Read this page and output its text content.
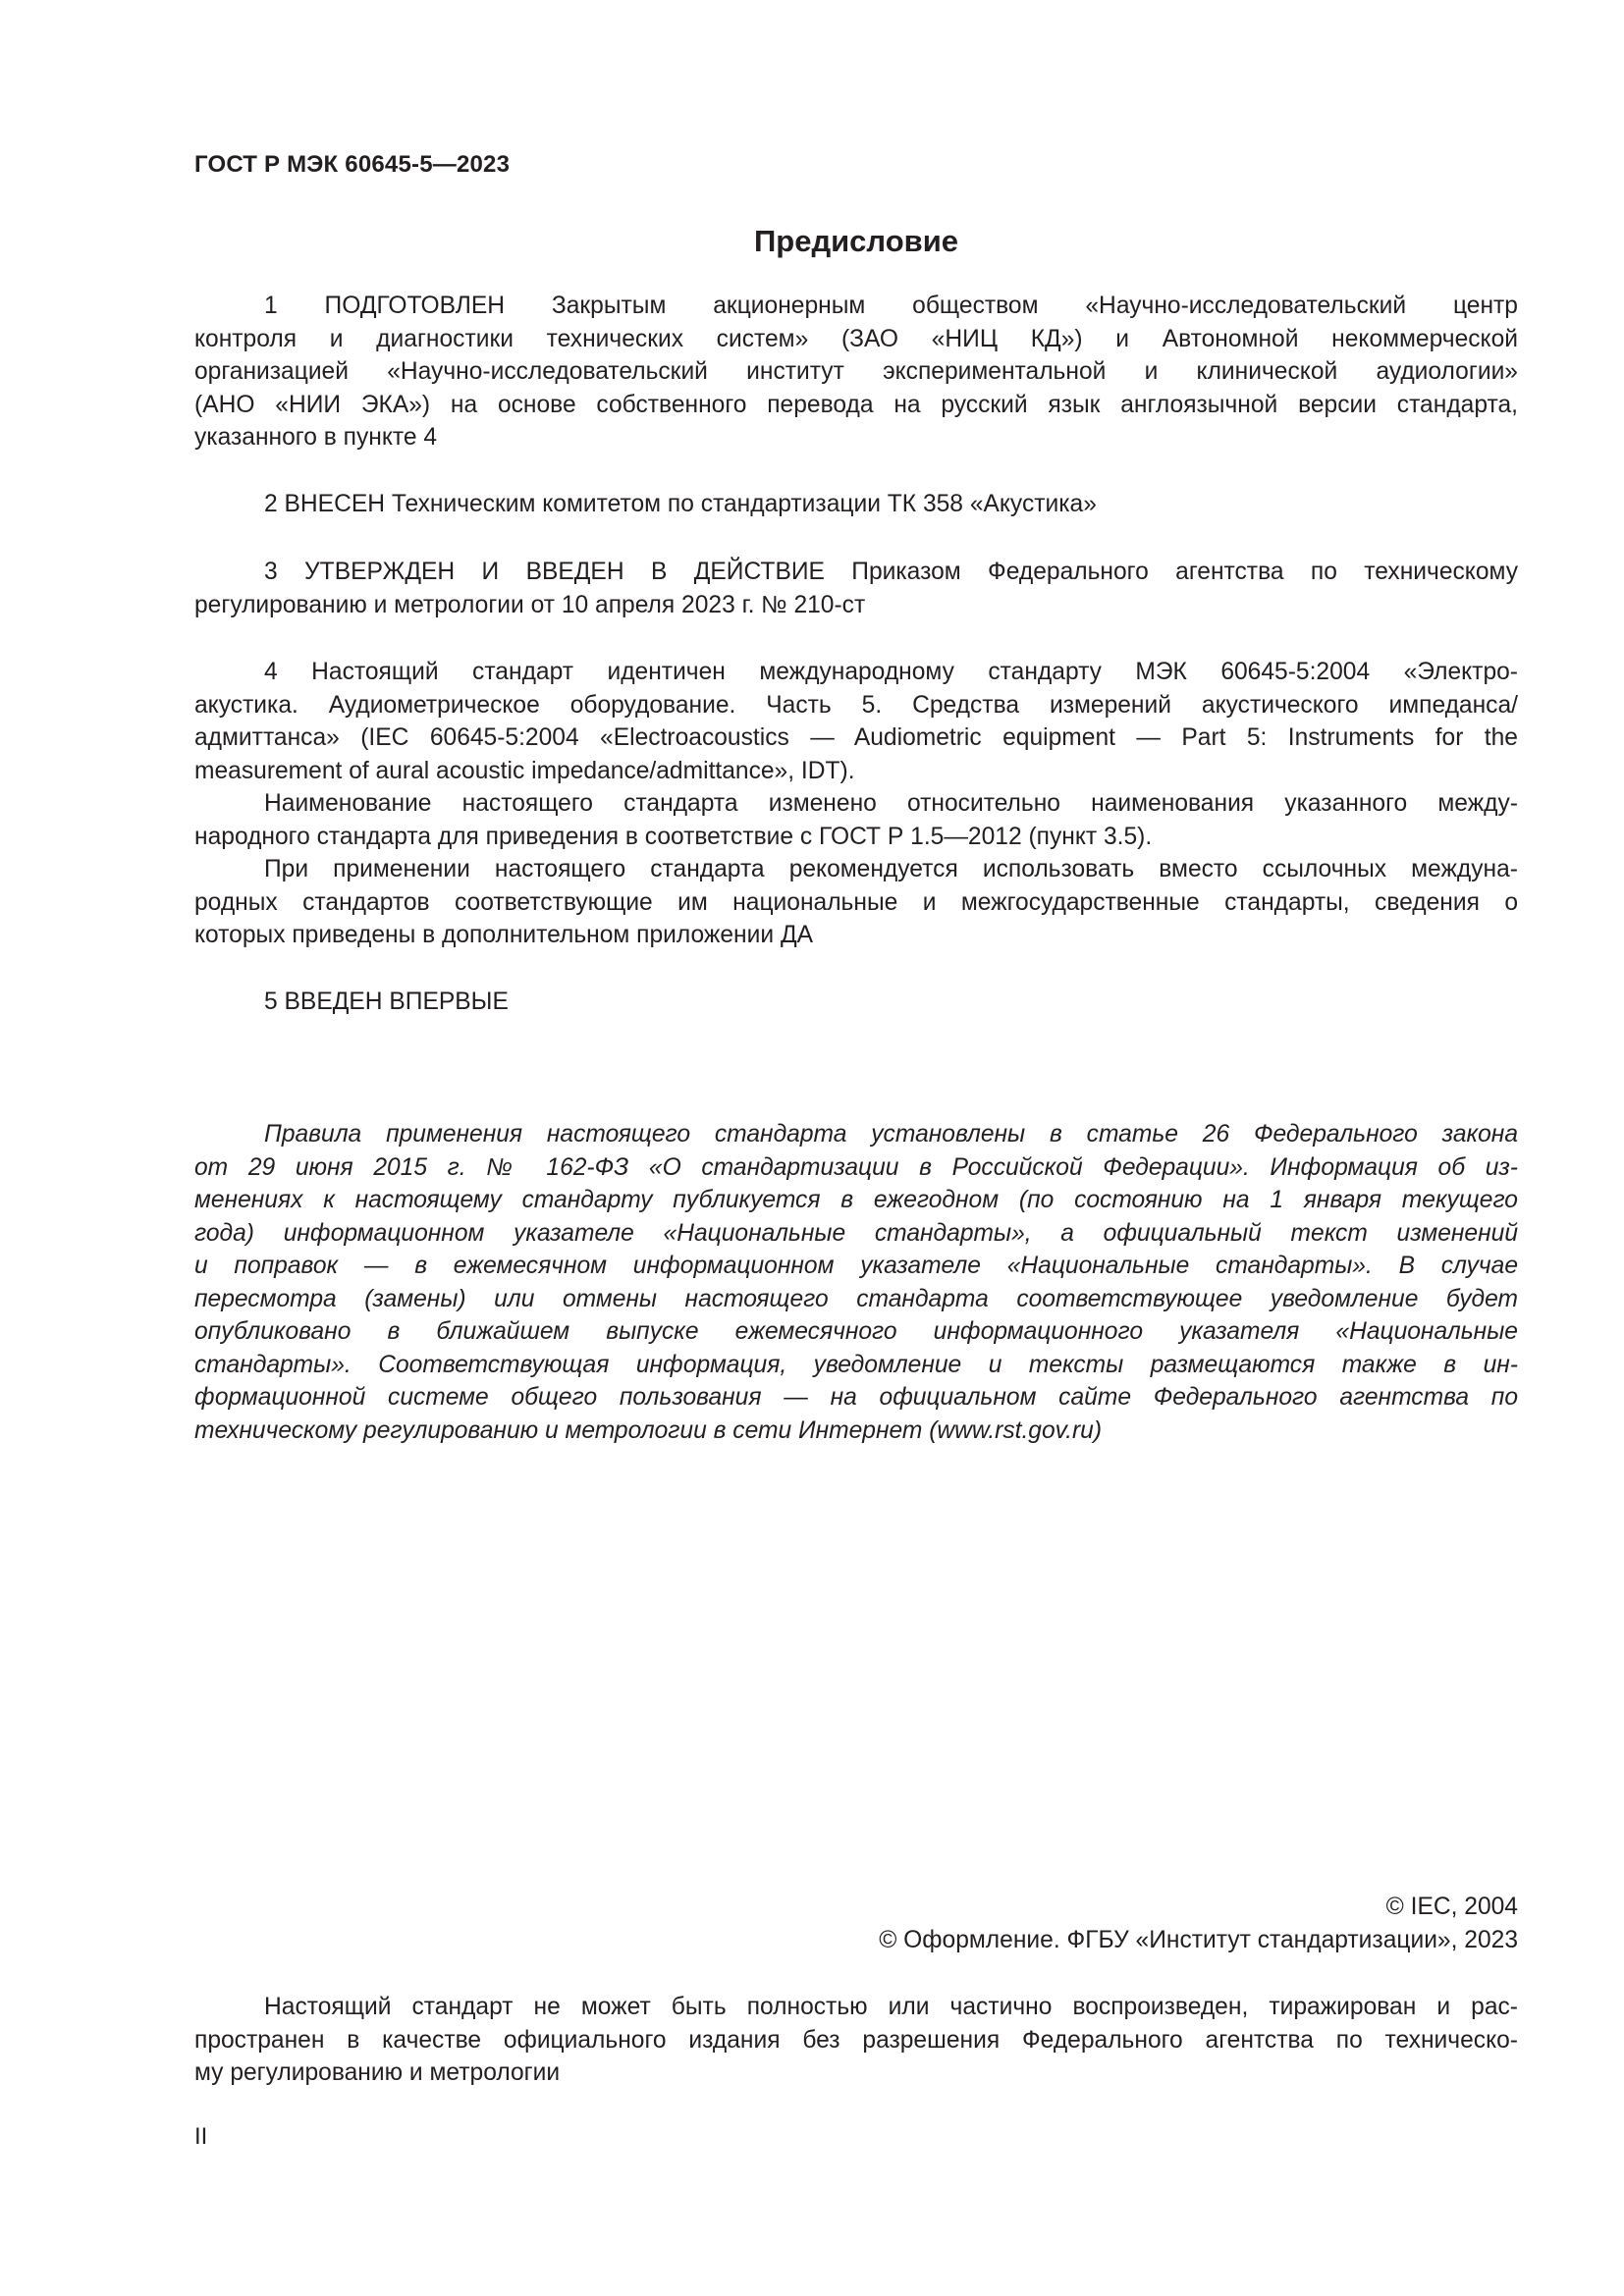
ГОСТ Р МЭК 60645-5—2023
Предисловие
1 ПОДГОТОВЛЕН Закрытым акционерным обществом «Научно-исследовательский центр
контроля и диагностики технических систем» (ЗАО «НИЦ КД») и Автономной некоммерческой
организацией «Научно-исследовательский институт экспериментальной и клинической аудиологии»
(АНО «НИИ ЭКА») на основе собственного перевода на русский язык англоязычной версии стандарта,
указанного в пункте 4
2 ВНЕСЕН Техническим комитетом по стандартизации ТК 358 «Акустика»
3 УТВЕРЖДЕН И ВВЕДЕН В ДЕЙСТВИЕ Приказом Федерального агентства по техническому
регулированию и метрологии от 10 апреля 2023 г. № 210-ст
4 Настоящий стандарт идентичен международному стандарту МЭК 60645-5:2004 «Электро-
акустика. Аудиометрическое оборудование. Часть 5. Средства измерений акустического импеданса/
адмиттанса» (IEC 60645-5:2004 «Electroacoustics — Audiometric equipment — Part 5: Instruments for the
measurement of aural acoustic impedance/admittance», IDT).
Наименование настоящего стандарта изменено относительно наименования указанного между-
народного стандарта для приведения в соответствие с ГОСТ Р 1.5—2012 (пункт 3.5).
При применении настоящего стандарта рекомендуется использовать вместо ссылочных междуна-
родных стандартов соответствующие им национальные и межгосударственные стандарты, сведения о
которых приведены в дополнительном приложении ДА
5 ВВЕДЕН ВПЕРВЫЕ
Правила применения настоящего стандарта установлены в статье 26 Федерального закона
от 29 июня 2015 г. № 162-ФЗ «О стандартизации в Российской Федерации». Информация об из-
менениях к настоящему стандарту публикуется в ежегодном (по состоянию на 1 января текущего
года) информационном указателе «Национальные стандарты», а официальный текст изменений
и поправок — в ежемесячном информационном указателе «Национальные стандарты». В случае
пересмотра (замены) или отмены настоящего стандарта соответствующее уведомление будет
опубликовано в ближайшем выпуске ежемесячного информационного указателя «Национальные
стандарты». Соответствующая информация, уведомление и тексты размещаются также в ин-
формационной системе общего пользования — на официальном сайте Федерального агентства по
техническому регулированию и метрологии в сети Интернет (www.rst.gov.ru)
© IEC, 2004
© Оформление. ФГБУ «Институт стандартизации», 2023
Настоящий стандарт не может быть полностью или частично воспроизведен, тиражирован и рас-
пространен в качестве официального издания без разрешения Федерального агентства по техническо-
му регулированию и метрологии
II
